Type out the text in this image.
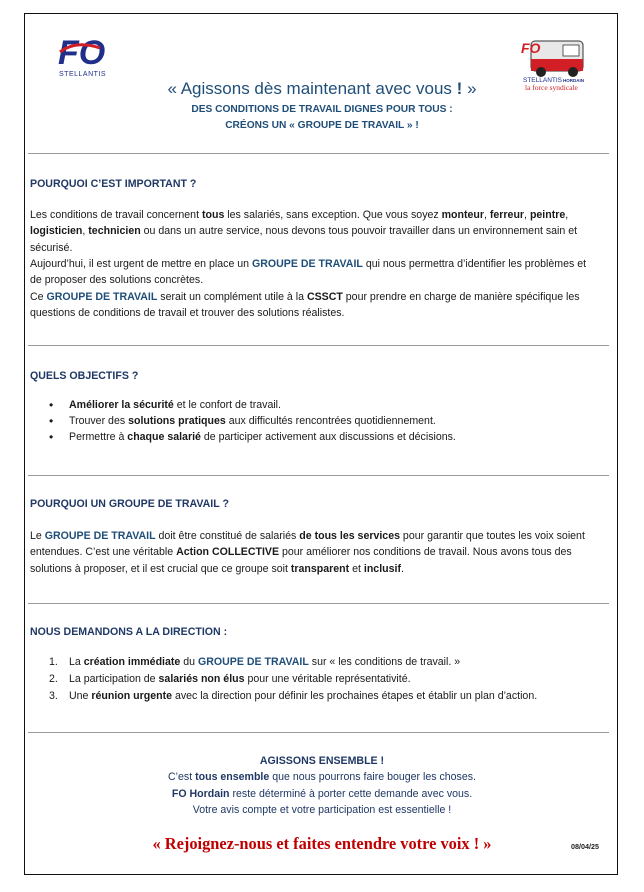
FO
STELLANTIS
FO
STELLANTIS HORDAIN
la force syndicale
« Agissons dès maintenant avec vous ! »
DES CONDITIONS DE TRAVAIL DIGNES POUR TOUS :
CRÉONS UN « GROUPE DE TRAVAIL » !
POURQUOI C’EST IMPORTANT ?
Les conditions de travail concernent tous les salariés, sans exception. Que vous soyez monteur, ferreur, peintre, logisticien, technicien ou dans un autre service, nous devons tous pouvoir travailler dans un environnement sain et sécurisé.
Aujourd’hui, il est urgent de mettre en place un GROUPE DE TRAVAIL qui nous permettra d’identifier les problèmes et de proposer des solutions concrètes.
Ce GROUPE DE TRAVAIL serait un complément utile à la CSSCT pour prendre en charge de manière spécifique les questions de conditions de travail et trouver des solutions réalistes.
QUELS OBJECTIFS ?
• Améliorer la sécurité et le confort de travail.
• Trouver des solutions pratiques aux difficultés rencontrées quotidiennement.
• Permettre à chaque salarié de participer activement aux discussions et décisions.
POURQUOI UN GROUPE DE TRAVAIL ?
Le GROUPE DE TRAVAIL doit être constitué de salariés de tous les services pour garantir que toutes les voix soient entendues. C’est une véritable Action COLLECTIVE pour améliorer nos conditions de travail. Nous avons tous des solutions à proposer, et il est crucial que ce groupe soit transparent et inclusif.
NOUS DEMANDONS A LA DIRECTION :
1. La création immédiate du GROUPE DE TRAVAIL sur « les conditions de travail. »
2. La participation de salariés non élus pour une véritable représentativité.
3. Une réunion urgente avec la direction pour définir les prochaines étapes et établir un plan d’action.
AGISSONS ENSEMBLE !
C’est tous ensemble que nous pourrons faire bouger les choses.
FO Hordain reste déterminé à porter cette demande avec vous.
Votre avis compte et votre participation est essentielle !
« Rejoignez-nous et faites entendre votre voix ! »	08/04/25
